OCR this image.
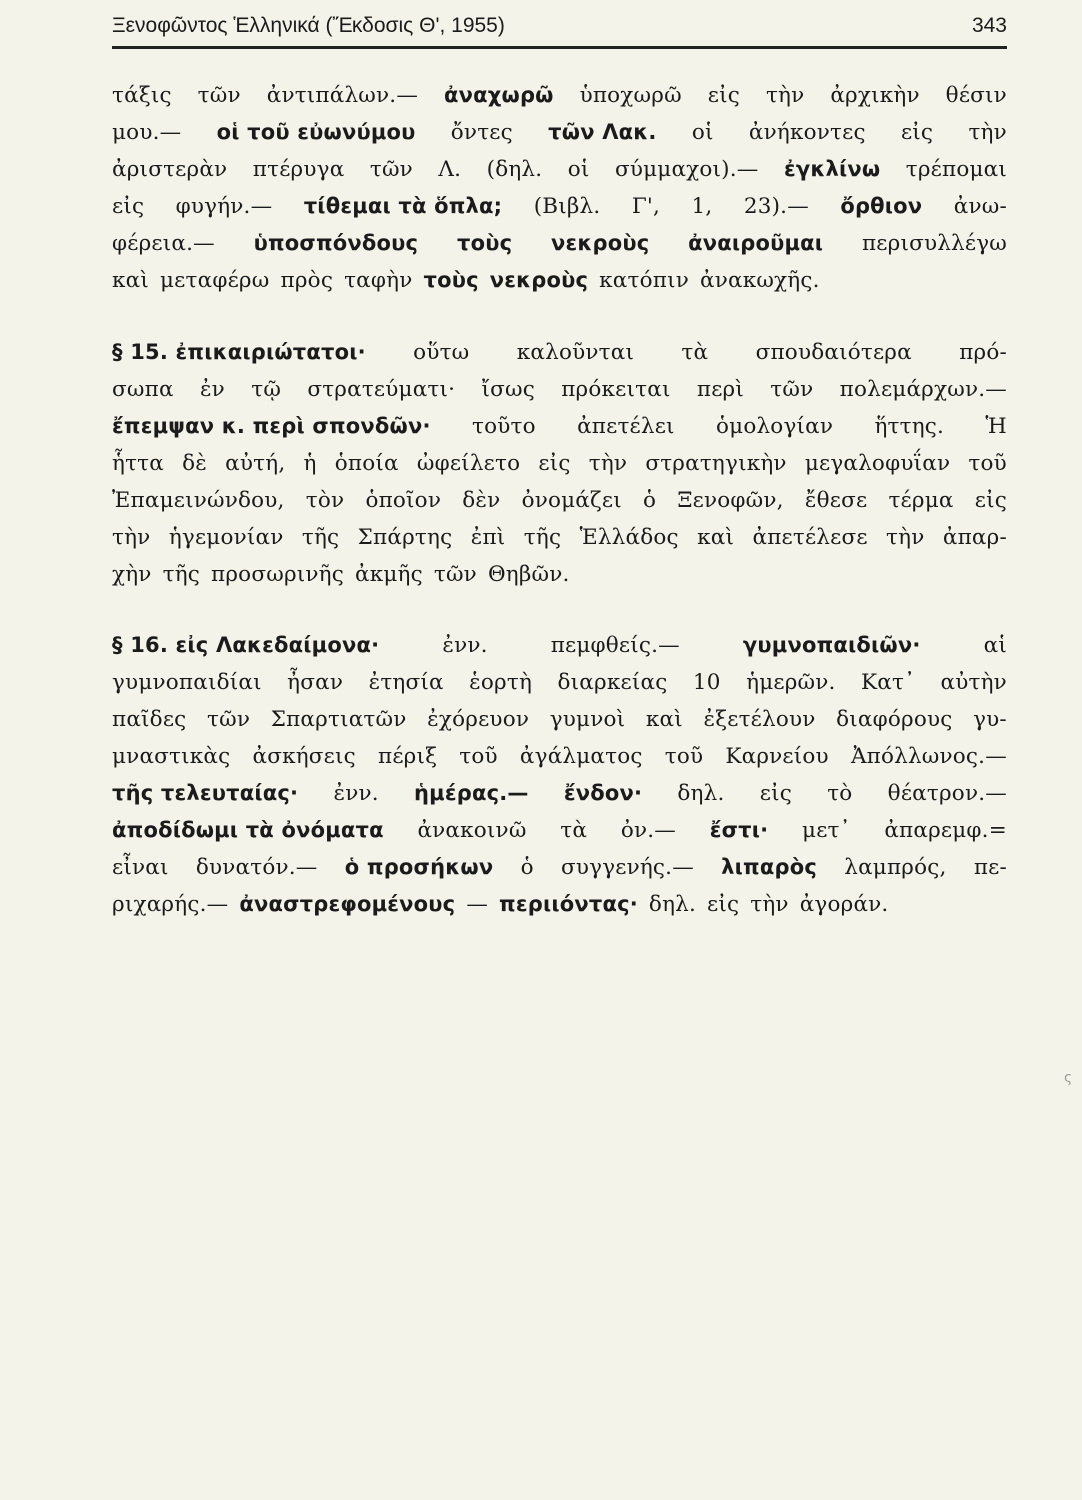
Ξενοφῶντος Ἑλληνικά (Ἔκδοσις Θ', 1955)	343
τάξις τῶν ἀντιπάλων.— ἀναχωρῶ ὑποχωρῶ εἰς τὴν ἀρχικὴν θέσιν
μου.— οἱ τοῦ εὐωνύμου ὄντες τῶν Λακ. οἱ ἀνήκοντες εἰς τὴν
ἀριστερὰν πτέρυγα τῶν Λ. (δηλ. οἱ σύμμαχοι).— ἐγκλίνω τρέπομαι
εἰς φυγήν.— τίθεμαι τὰ ὅπλα; (Βιβλ. Γ', 1, 23).— ὄρθιον ἀνω-
φέρεια.— ὑποσπόνδους τοὺς νεκροὺς ἀναιροῦμαι περισυλλέγω
καὶ μεταφέρω πρὸς ταφὴν τοὺς νεκροὺς κατόπιν ἀνακωχῆς.
§ 15. ἐπικαιριώτατοι· οὕτω καλοῦνται τὰ σπουδαιότερα πρό-
σωπα ἐν τῷ στρατεύματι· ἴσως πρόκειται περὶ τῶν πολεμάρχων.—
ἔπεμψαν κ. περὶ σπονδῶν· τοῦτο ἀπετέλει ὁμολογίαν ἥττης. Ἡ
ἧττα δὲ αὐτή, ἡ ὁποία ὠφείλετο εἰς τὴν στρατηγικὴν μεγαλοφυΐαν τοῦ
Ἐπαμεινώνδου, τὸν ὁποῖον δὲν ὀνομάζει ὁ Ξενοφῶν, ἔθεσε τέρμα εἰς
τὴν ἡγεμονίαν τῆς Σπάρτης ἐπὶ τῆς Ἑλλάδος καὶ ἀπετέλεσε τὴν ἀπαρ-
χὴν τῆς προσωρινῆς ἀκμῆς τῶν Θηβῶν.
§ 16. εἰς Λακεδαίμονα·	ἐνν.	πεμφθείς.—	γυμνοπαιδιῶν·	αἱ
γυμνοπαιδίαι ἦσαν ἐτησία ἑορτὴ διαρκείας 10 ἡμερῶν. Κατ᾽ αὐτὴν
παῖδες τῶν Σπαρτιατῶν ἐχόρευον γυμνοὶ καὶ ἐξετέλουν διαφόρους γυ-
μναστικὰς ἀσκήσεις πέριξ τοῦ ἀγάλματος τοῦ Καρνείου Ἀπόλλωνος.—
τῆς τελευταίας· ἐνν. ἡμέρας.— ἔνδον· δηλ. εἰς τὸ θέατρον.—
ἀποδίδωμι τὰ ὀνόματα ἀνακοινῶ τὰ ὀν.— ἔστι· μετ᾽ ἀπαρεμφ.=
εἶναι δυνατόν.— ὁ προσήκων ὁ συγγενής.— λιπαρὸς λαμπρός, πε-
ριχαρής.— ἀναστρεφομένους — περιιόντας· δηλ. εἰς τὴν ἀγοράν.
ς
